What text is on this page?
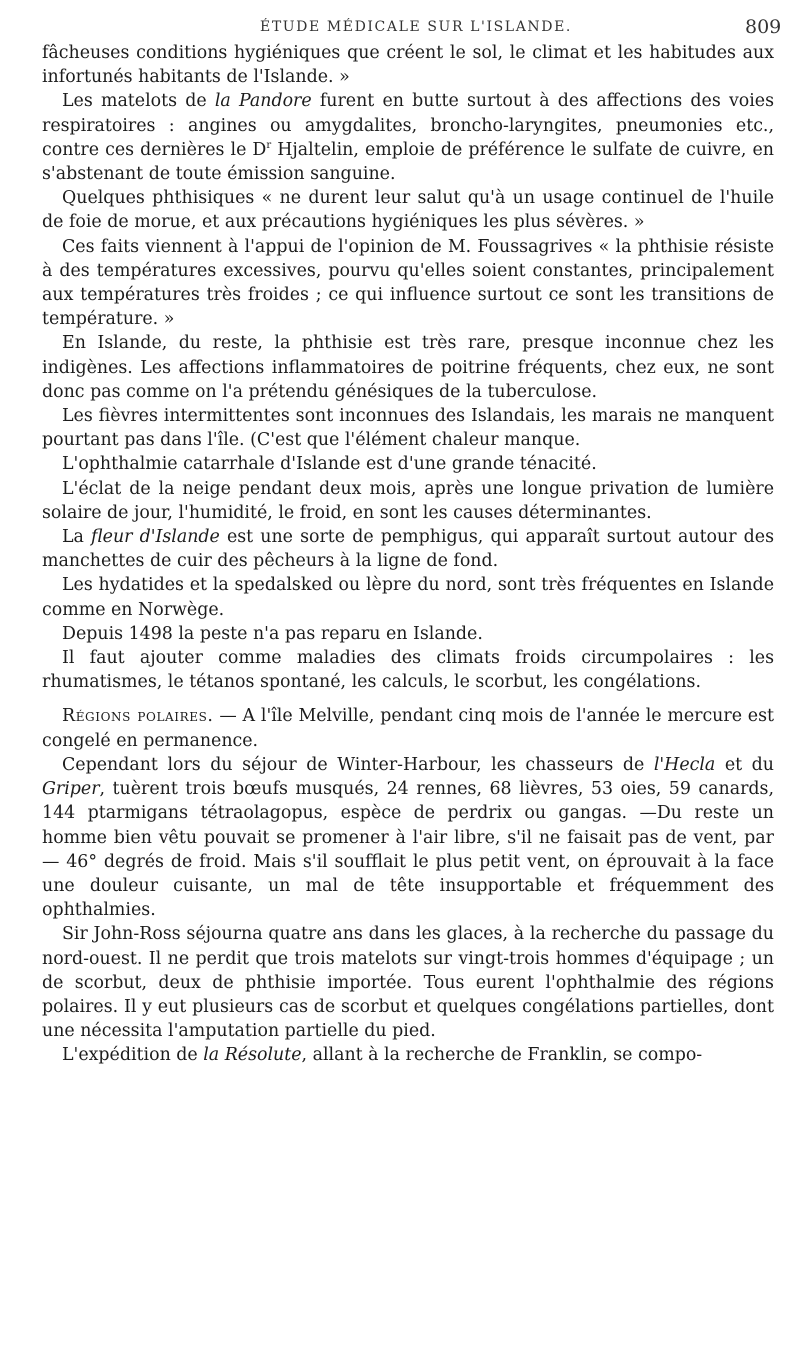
ÉTUDE MÉDICALE SUR L'ISLANDE.	809

fâcheuses conditions hygiéniques que créent le sol, le climat et les habitudes aux infortunés habitants de l'Islande. »

Les matelots de la Pandore furent en butte surtout à des affections des voies respiratoires : angines ou amygdalites, broncho-laryngites, pneumonies etc., contre ces dernières le $D^r$ Hjaltelin, emploie de préférence le sulfate de cuivre, en s'abstenant de toute émission sanguine.

Quelques phthisiques « ne durent leur salut qu'à un usage continuel de l'huile de foie de morue, et aux précautions hygiéniques les plus sévères. »

Ces faits viennent à l'appui de l'opinion de M. Foussagrives « la phthisie résiste à des températures excessives, pourvu qu'elles soient constantes, principalement aux températures très froides ; ce qui influence surtout ce sont les transitions de température. »

En Islande, du reste, la phthisie est très rare, presque inconnue chez les indigènes. Les affections inflammatoires de poitrine fréquents, chez eux, ne sont donc pas comme on l'a prétendu génésiques de la tuberculose.

Les fièvres intermittentes sont inconnues des Islandais, les marais ne manquent pourtant pas dans l'île. (C'est que l'élément chaleur manque.

L'ophthalmie catarrhale d'Islande est d'une grande ténacité.

L'éclat de la neige pendant deux mois, après une longue privation de lumière solaire de jour, l'humidité, le froid, en sont les causes déterminantes.

La fleur d'Islande est une sorte de pemphigus, qui apparaît surtout autour des manchettes de cuir des pêcheurs à la ligne de fond.

Les hydatides et la spedalsked ou lèpre du nord, sont très fréquentes en Islande comme en Norwège.

Depuis 1498 la peste n'a pas reparu en Islande.

Il faut ajouter comme maladies des climats froids circumpolaires : les rhumatismes, le tétanos spontané, les calculs, le scorbut, les congélations.

Régions polaires. — A l'île Melville, pendant cinq mois de l'année le mercure est congelé en permanence.

Cependant lors du séjour de Winter-Harbour, les chasseurs de l'Hecla et du Griper, tuèrent trois bœufs musqués, 24 rennes, 68 lièvres, 53 oies, 59 canards, 144 ptarmigans tétraolagopus, espèce de perdrix ou gangas. —Du reste un homme bien vêtu pouvait se promener à l'air libre, s'il ne faisait pas de vent, par — 46° degrés de froid. Mais s'il soufflait le plus petit vent, on éprouvait à la face une douleur cuisante, un mal de tête insupportable et fréquemment des ophthalmies.

Sir John-Ross séjourna quatre ans dans les glaces, à la recherche du passage du nord-ouest. Il ne perdit que trois matelots sur vingt-trois hommes d'équipage ; un de scorbut, deux de phthisie importée. Tous eurent l'ophthalmie des régions polaires. Il y eut plusieurs cas de scorbut et quelques congélations partielles, dont une nécessita l'amputation partielle du pied.

L'expédition de la Résolute, allant à la recherche de Franklin, se compo-
